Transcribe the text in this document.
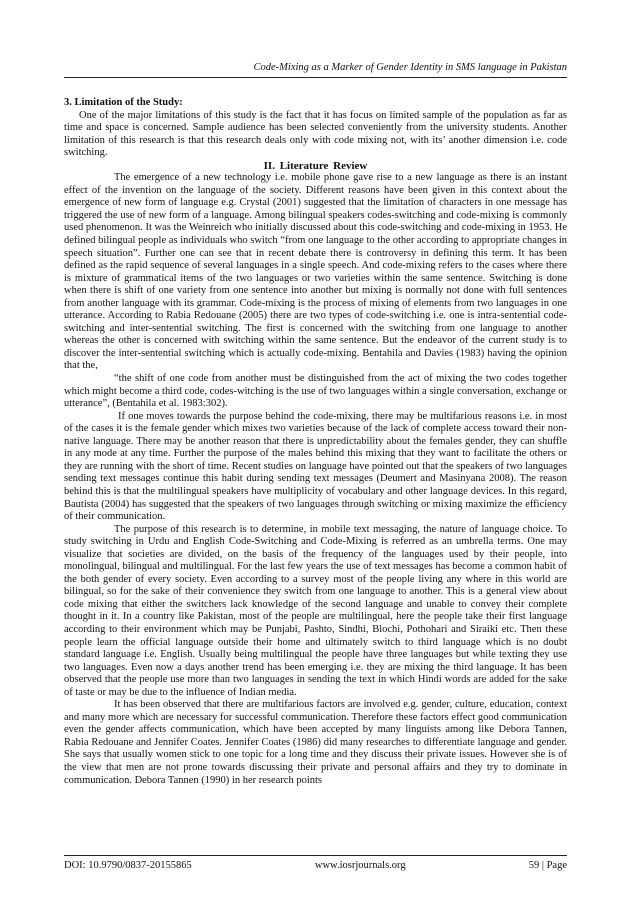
Code-Mixing as a Marker of Gender Identity in SMS language in Pakistan

3. Limitation of the Study:

One of the major limitations of this study is the fact that it has focus on limited sample of the population as far as time and space is concerned. Sample audience has been selected conveniently from the university students. Another limitation of this research is that this research deals only with code mixing not, with its’ another dimension i.e. code switching.

II. Literature Review

The emergence of a new technology i.e. mobile phone gave rise to a new language as there is an instant effect of the invention on the language of the society. Different reasons have been given in this context about the emergence of new form of language e.g. Crystal (2001) suggested that the limitation of characters in one message has triggered the use of new form of a language. Among bilingual speakers codes-switching and code-mixing is commonly used phenomenon. It was the Weinreich who initially discussed about this code-switching and code-mixing in 1953. He defined bilingual people as individuals who switch “from one language to the other according to appropriate changes in speech situation”. Further one can see that in recent debate there is controversy in defining this term. It has been defined as the rapid sequence of several languages in a single speech. And code-mixing refers to the cases where there is mixture of grammatical items of the two languages or two varieties within the same sentence. Switching is done when there is shift of one variety from one sentence into another but mixing is normally not done with full sentences from another language with its grammar. Code-mixing is the process of mixing of elements from two languages in one utterance. According to Rabia Redouane (2005) there are two types of code-switching i.e. one is intra-sentential code-switching and inter-sentential switching. The first is concerned with the switching from one language to another whereas the other is concerned with switching within the same sentence. But the endeavor of the current study is to discover the inter-sentential switching which is actually code-mixing. Bentahila and Davies (1983) having the opinion that the,

“the shift of one code from another must be distinguished from the act of mixing the two codes together which might become a third code, codes-witching is the use of two languages within a single conversation, exchange or utterance”, (Bentahila et al. 1983:302).

If one moves towards the purpose behind the code-mixing, there may be multifarious reasons i.e. in most of the cases it is the female gender which mixes two varieties because of the lack of complete access toward their non-native language. There may be another reason that there is unpredictability about the females gender, they can shuffle in any mode at any time. Further the purpose of the males behind this mixing that they want to facilitate the others or they are running with the short of time. Recent studies on language have pointed out that the speakers of two languages sending text messages continue this habit during sending text messages (Deumert and Masinyana 2008). The reason behind this is that the multilingual speakers have multiplicity of vocabulary and other language devices. In this regard, Bautista (2004) has suggested that the speakers of two languages through switching or mixing maximize the efficiency of their communication.

The purpose of this research is to determine, in mobile text messaging, the nature of language choice. To study switching in Urdu and English Code-Switching and Code-Mixing is referred as an umbrella terms. One may visualize that societies are divided, on the basis of the frequency of the languages used by their people, into monolingual, bilingual and multilingual. For the last few years the use of text messages has become a common habit of the both gender of every society. Even according to a survey most of the people living any where in this world are bilingual, so for the sake of their convenience they switch from one language to another. This is a general view about code mixing that either the switchers lack knowledge of the second language and unable to convey their complete thought in it. In a country like Pakistan, most of the people are multilingual, here the people take their first language according to their environment which may be Punjabi, Pashto, Sindhi, Blochi, Pothohari and Siraiki etc. Then these people learn the official language outside their home and ultimately switch to third language which is no doubt standard language i.e. English. Usually being multilingual the people have three languages but while texting they use two languages. Even now a days another trend has been emerging i.e. they are mixing the third language. It has been observed that the people use more than two languages in sending the text in which Hindi words are added for the sake of taste or may be due to the influence of Indian media.

It has been observed that there are multifarious factors are involved e.g. gender, culture, education, context and many more which are necessary for successful communication. Therefore these factors effect good communication even the gender affects communication, which have been accepted by many linguists among like Debora Tannen, Rabia Redouane and Jennifer Coates. Jennifer Coates (1986) did many researches to differentiate language and gender. She says that usually women stick to one topic for a long time and they discuss their private issues. However she is of the view that men are not prone towards discussing their private and personal affairs and they try to dominate in communication. Debora Tannen (1990) in her research points

DOI: 10.9790/0837-20155865	www.iosrjournals.org	59 | Page
